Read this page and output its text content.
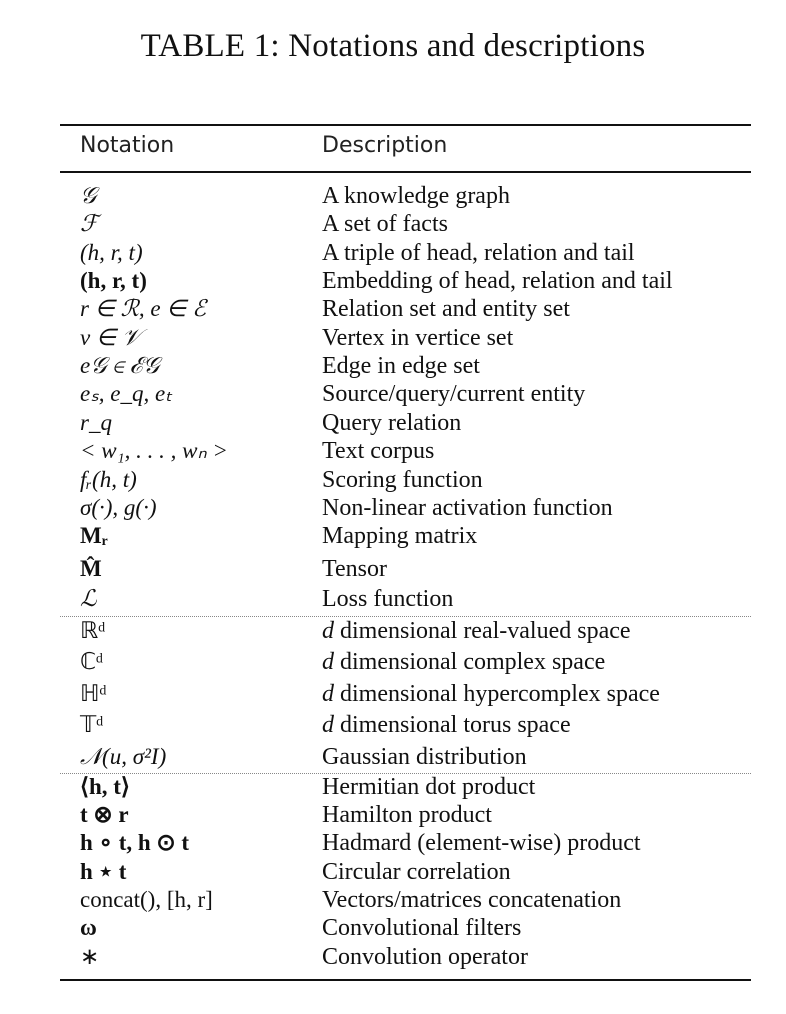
TABLE 1: Notations and descriptions
Notation	Description
𝒢	A knowledge graph
ℱ	A set of facts
(h, r, t)	A triple of head, relation and tail
(h, r, t)	Embedding of head, relation and tail
r ∈ ℛ, e ∈ ℰ	Relation set and entity set
v ∈ 𝒱	Vertex in vertice set
e𝒢 ∈ ℰ𝒢	Edge in edge set
eₛ, e_q, eₜ	Source/query/current entity
r_q	Query relation
< w₁, . . . , wₙ >	Text corpus
fᵣ(h, t)	Scoring function
σ(·), g(·)	Non-linear activation function
Mᵣ	Mapping matrix
M̂	Tensor
ℒ	Loss function
ℝᵈ	d dimensional real-valued space
ℂᵈ	d dimensional complex space
ℍᵈ	d dimensional hypercomplex space
𝕋ᵈ	d dimensional torus space
𝒩(u, σ²I)	Gaussian distribution
⟨h, t⟩	Hermitian dot product
t ⊗ r	Hamilton product
h ∘ t, h ⊙ t	Hadmard (element-wise) product
h ⋆ t	Circular correlation
concat(), [h, r]	Vectors/matrices concatenation
ω	Convolutional filters
∗	Convolution operator
